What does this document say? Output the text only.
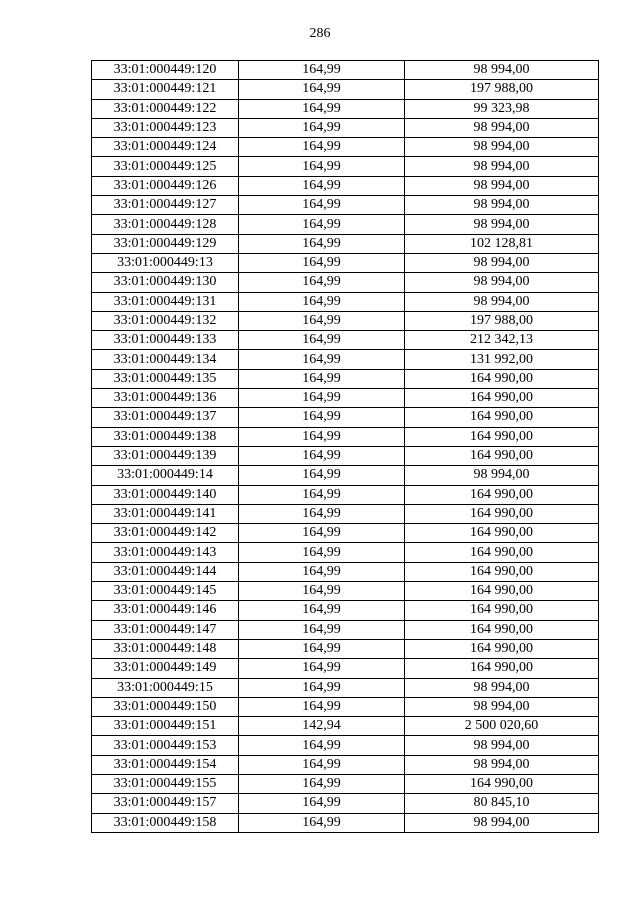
286
33:01:000449:120	164,99	98 994,00
33:01:000449:121	164,99	197 988,00
33:01:000449:122	164,99	99 323,98
33:01:000449:123	164,99	98 994,00
33:01:000449:124	164,99	98 994,00
33:01:000449:125	164,99	98 994,00
33:01:000449:126	164,99	98 994,00
33:01:000449:127	164,99	98 994,00
33:01:000449:128	164,99	98 994,00
33:01:000449:129	164,99	102 128,81
33:01:000449:13	164,99	98 994,00
33:01:000449:130	164,99	98 994,00
33:01:000449:131	164,99	98 994,00
33:01:000449:132	164,99	197 988,00
33:01:000449:133	164,99	212 342,13
33:01:000449:134	164,99	131 992,00
33:01:000449:135	164,99	164 990,00
33:01:000449:136	164,99	164 990,00
33:01:000449:137	164,99	164 990,00
33:01:000449:138	164,99	164 990,00
33:01:000449:139	164,99	164 990,00
33:01:000449:14	164,99	98 994,00
33:01:000449:140	164,99	164 990,00
33:01:000449:141	164,99	164 990,00
33:01:000449:142	164,99	164 990,00
33:01:000449:143	164,99	164 990,00
33:01:000449:144	164,99	164 990,00
33:01:000449:145	164,99	164 990,00
33:01:000449:146	164,99	164 990,00
33:01:000449:147	164,99	164 990,00
33:01:000449:148	164,99	164 990,00
33:01:000449:149	164,99	164 990,00
33:01:000449:15	164,99	98 994,00
33:01:000449:150	164,99	98 994,00
33:01:000449:151	142,94	2 500 020,60
33:01:000449:153	164,99	98 994,00
33:01:000449:154	164,99	98 994,00
33:01:000449:155	164,99	164 990,00
33:01:000449:157	164,99	80 845,10
33:01:000449:158	164,99	98 994,00
